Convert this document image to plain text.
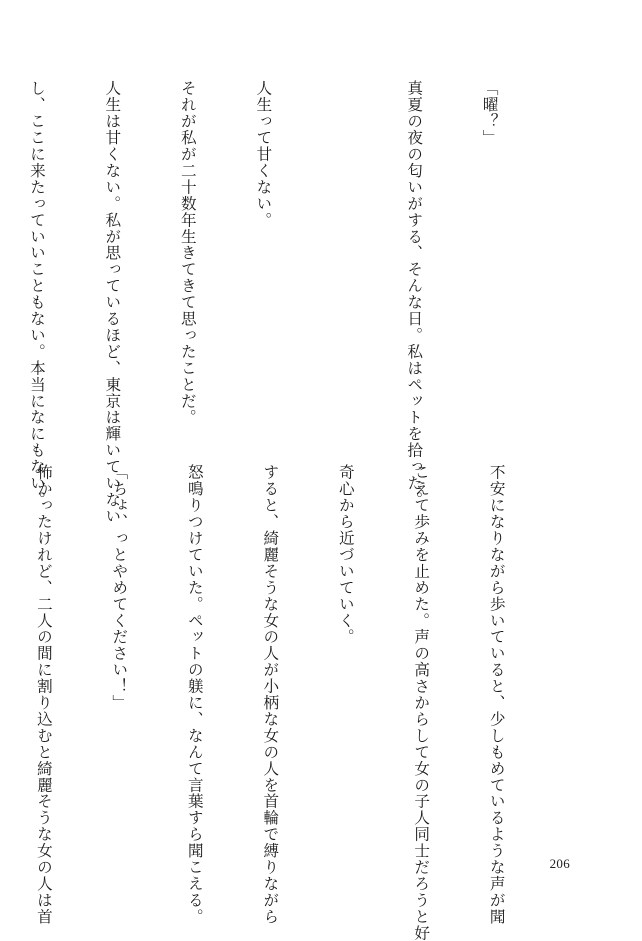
「曜？」

真夏の夜の匂いがする、そんな日。私はペットを拾った。

人生って甘くない。

それが私が二十数年生きてきて思ったことだ。

人生は甘くない。私が思っているほど、東京は輝いていない

し、ここに来たっていいこともない。本当になにもない。

不安になりながら歩いていると、少しもめているような声が聞

こえて歩みを止めた。声の高さからして女の子人同士だろうと好

奇心から近づいていく。

すると、綺麗そうな女の人が小柄な女の人を首輪で縛りながら

怒鳴りつけていた。ペットの躾に、なんて言葉すら聞こえる。

「ちょ、っとやめてください！」

怖かったけれど、二人の間に割り込むと綺麗そうな女の人は首

	206
